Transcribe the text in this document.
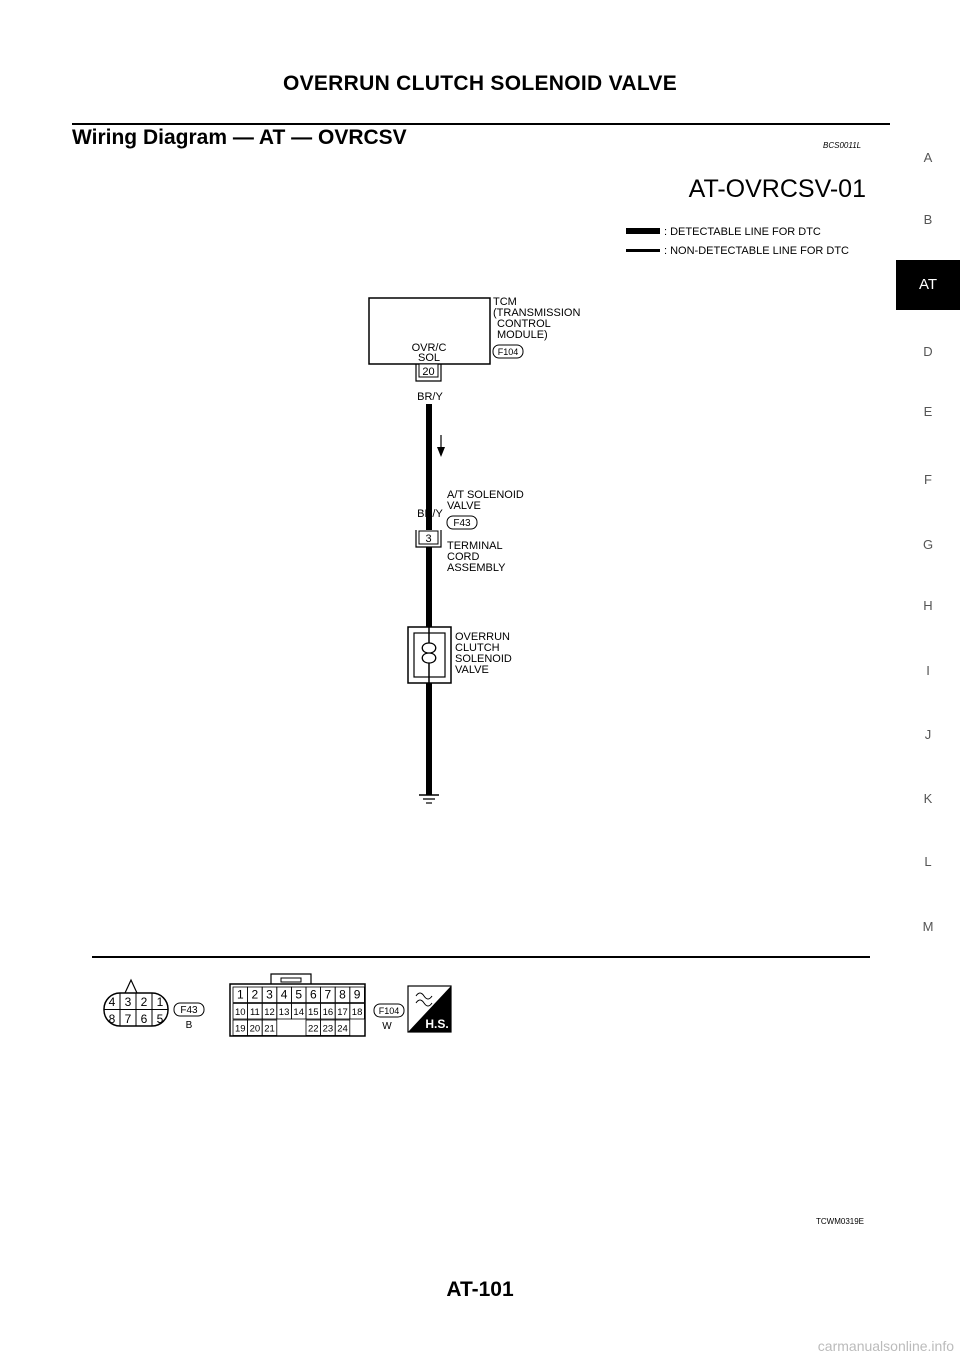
OVERRUN CLUTCH SOLENOID VALVE
Wiring Diagram — AT — OVRCSV	BCS0011L
A
B
AT
D
E
F
G
H
I
J
K
L
M
AT-OVRCSV-01
: DETECTABLE LINE FOR DTC
: NON-DETECTABLE LINE FOR DTC
TCM
(TRANSMISSION
CONTROL
MODULE)
OVR/C
SOL	F104
20
BR/Y
A/T SOLENOID
VALVE
BR/Y
F43
3
TERMINAL
CORD
ASSEMBLY
OVERRUN
CLUTCH
SOLENOID
VALVE
4 3 2 1
8 7 6 5
F43
B
1 2 3 4 5 6 7 8 9
10 11 12 13 14 15 16 17 18
19 20 21	22 23 24
F104
W	H.S.
TCWM0319E
AT-101
carmanualsonline.info
